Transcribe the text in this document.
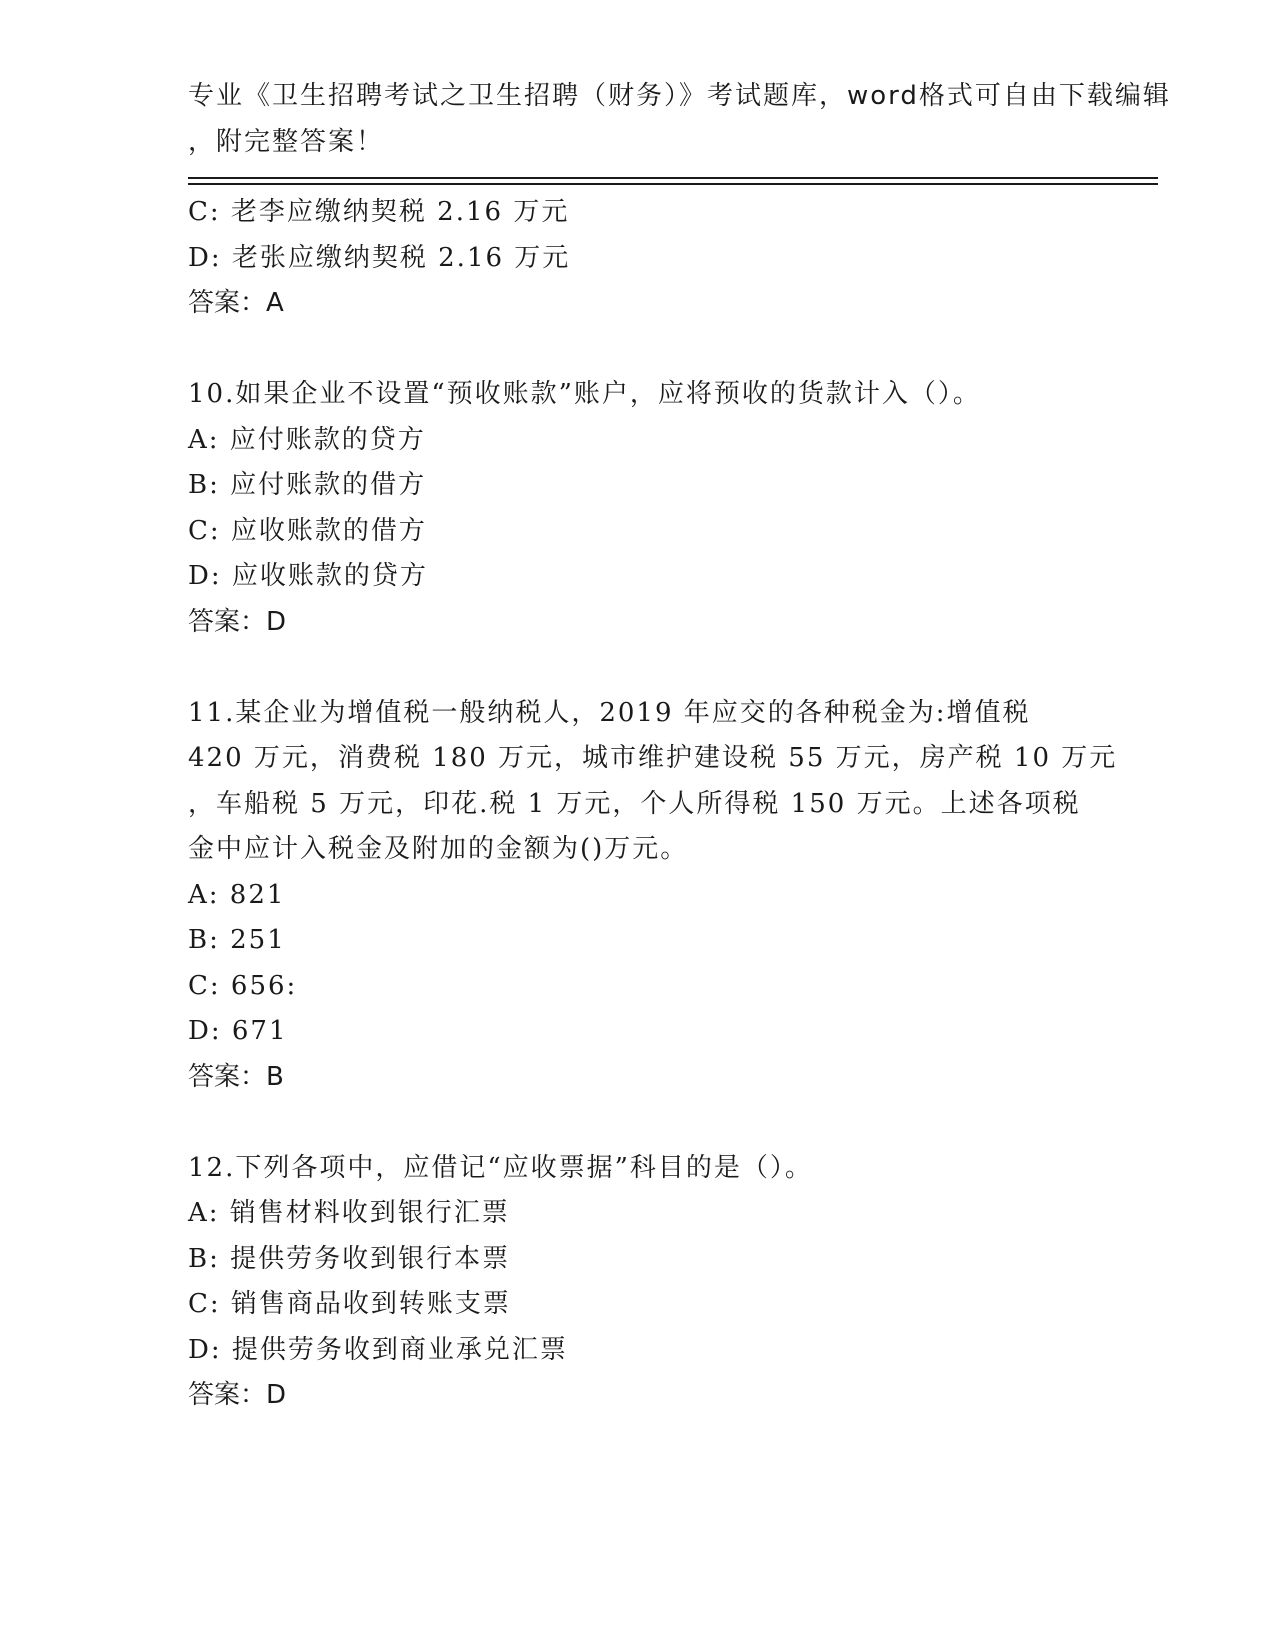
专业《卫生招聘考试之卫生招聘（财务）》考试题库，word格式可自由下载编辑
，附完整答案！
C: 老李应缴纳契税 2.16 万元
D: 老张应缴纳契税 2.16 万元
答案：A
10.如果企业不设置“预收账款”账户，应将预收的货款计入（）。
A: 应付账款的贷方
B: 应付账款的借方
C: 应收账款的借方
D: 应收账款的贷方
答案：D
11.某企业为增值税一般纳税人，2019 年应交的各种税金为:增值税
420 万元，消费税 180 万元，城市维护建设税 55 万元，房产税 10 万元
，车船税 5 万元，印花.税 1 万元，个人所得税 150 万元。上述各项税
金中应计入税金及附加的金额为()万元。
A: 821
B: 251
C: 656:
D: 671
答案：B
12.下列各项中，应借记“应收票据”科目的是（）。
A: 销售材料收到银行汇票
B: 提供劳务收到银行本票
C: 销售商品收到转账支票
D: 提供劳务收到商业承兑汇票
答案：D
